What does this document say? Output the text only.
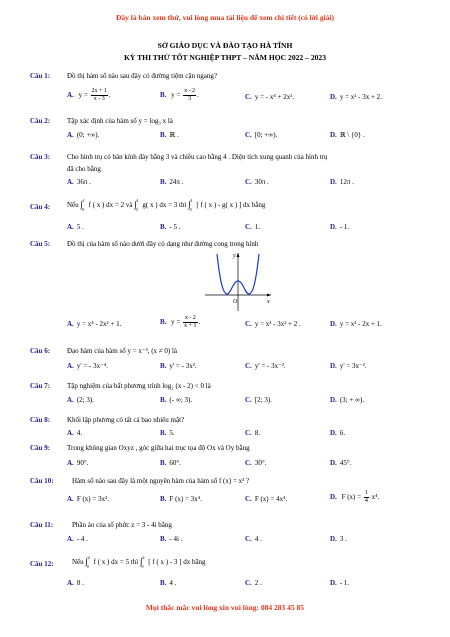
Đây là bản xem thử, vui lòng mua tài liệu để xem chi tiết (có lời giải)
SỞ GIÁO DỤC VÀ ĐÀO TẠO HÀ TĨNH
KỲ THI THỬ TỐT NGHIỆP THPT – NĂM HỌC 2022 – 2023
Câu 1: Đồ thị hàm số nào sau đây có đường tiệm cận ngang?
A. $y = \frac{2x + 1}{x - 3}$ .	B. $y = \frac{x - 2}{3}$ .	C. y = - x⁴ + 2x².	D. y = x² - 3x + 2.
Câu 2: Tập xác định của hàm số y = log₃ x là
A. (0; +∞).	B. ℝ .	C. [0; +∞).	D. ℝ \ {0} .
Câu 3: Cho hình trụ có bán kính đáy bằng 3 và chiều cao bằng 4 . Diện tích xung quanh của hình trụ
đã cho bằng
A. 36π .	B. 24π .	C. 30π .	D. 12π .
Câu 4: Nếu ∫$^1_0$ f ( x ) dx = 2 và ∫$^1_0$ g( x ) dx = 3 thì ∫$^1_0$ [ f ( x ) - g( x ) ] dx bằng
A. 5 .	B. - 5 .	C. 1.	D. - 1.
Câu 5: Đồ thị của hàm số nào dưới đây có dạng như đường cong trong hình
y
x
O
A. y = x⁴ - 2x² + 1.	B. $y = \frac{x - 2}{x + 1}$ .	C. y = x³ - 3x² + 2 .	D. y = x² - 2x + 1.
Câu 6: Đạo hàm của hàm số y = x⁻³, (x ≠ 0) là
A. y' = - 3x⁻⁴.	B. y' = - 3x².	C. y' = - 3x⁻².	D. y' = 3x⁻².
Câu 7: Tập nghiệm của bất phương trình log₂ (x - 2) < 0 là
A. (2; 3).	B. (- ∞; 3).	C. [2; 3).	D. (3; + ∞).
Câu 8: Khối lập phương có tất cả bao nhiêu mặt?
A. 4.	B. 5.	C. 8.	D. 6.
Câu 9: Trong không gian Oxyz , góc giữa hai trục tọa độ Ox và Oy bằng
A. 90°.	B. 60°.	C. 30°.	D. 45°.
Câu 10:	Hàm số nào sau đây là một nguyên hàm của hàm số f (x) = x³ ?
A. F (x) = 3x².	B. F (x) = 3x⁴.	C. F (x) = 4x⁴.	D. F $(x) = \frac{1}{4} x^4$.
Câu 11:	Phần ảo của số phức z = 3 - 4i bằng
A. - 4 .	B. - 4i .	C. 4 .	D. 3 .
Câu 12:	Nếu ∫$^2_0$ f ( x ) dx = 5 thì ∫$^2_0$ [ f ( x ) - 3 ] dx bằng
A. 8 .	B. 4 .	C. 2 .	D. - 1.
Mọi thắc mắc vui lòng xin vui lòng: 084 283 45 85
